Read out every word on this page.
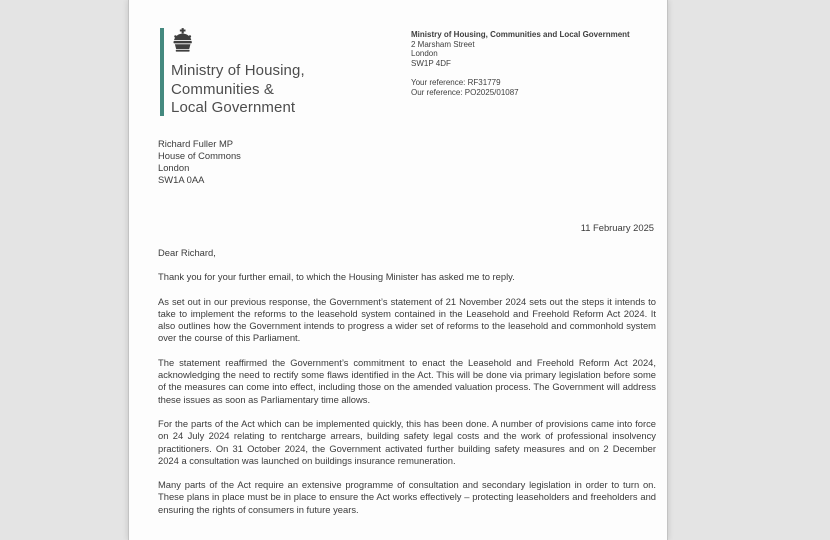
Ministry of Housing,
Communities &
Local Government
Ministry of Housing, Communities and Local Government
2 Marsham Street
London
SW1P 4DF
Your reference: RF31779
Our reference: PO2025/01087
Richard Fuller MP
House of Commons
London
SW1A 0AA
11 February 2025

Dear Richard,

Thank you for your further email, to which the Housing Minister has asked me to reply.

As set out in our previous response, the Government’s statement of 21 November 2024 sets out the steps it intends to take to implement the reforms to the leasehold system contained in the Leasehold and Freehold Reform Act 2024. It also outlines how the Government intends to progress a wider set of reforms to the leasehold and commonhold system over the course of this Parliament.

The statement reaffirmed the Government’s commitment to enact the Leasehold and Freehold Reform Act 2024, acknowledging the need to rectify some flaws identified in the Act. This will be done via primary legislation before some of the measures can come into effect, including those on the amended valuation process. The Government will address these issues as soon as Parliamentary time allows.

For the parts of the Act which can be implemented quickly, this has been done. A number of provisions came into force on 24 July 2024 relating to rentcharge arrears, building safety legal costs and the work of professional insolvency practitioners. On 31 October 2024, the Government activated further building safety measures and on 2 December 2024 a consultation was launched on buildings insurance remuneration.

Many parts of the Act require an extensive programme of consultation and secondary legislation in order to turn on. These plans in place must be in place to ensure the Act works effectively – protecting leaseholders and freeholders and ensuring the rights of consumers in future years.
